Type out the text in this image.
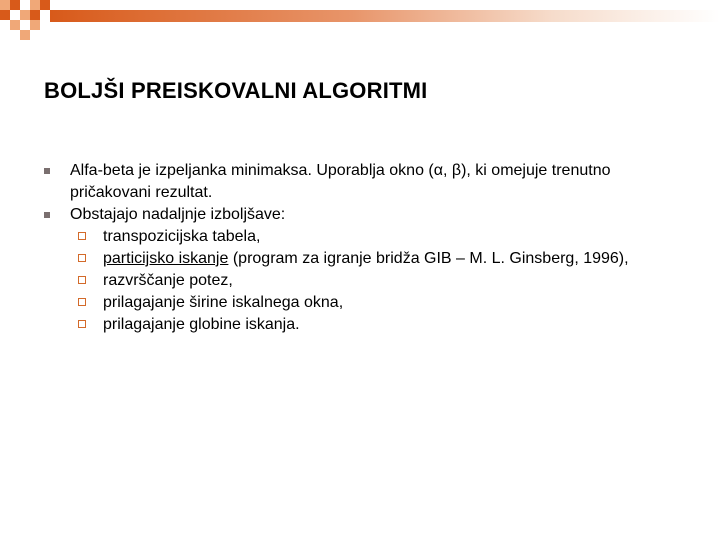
BOLJŠI PREISKOVALNI ALGORITMI
Alfa-beta je izpeljanka minimaksa. Uporablja okno (α, β), ki omejuje trenutno pričakovani rezultat.
Obstajajo nadaljnje izboljšave:
transpozicijska tabela,
particijsko iskanje (program za igranje bridža GIB – M. L. Ginsberg, 1996),
razvrščanje potez,
prilagajanje širine iskalnega okna,
prilagajanje globine iskanja.
